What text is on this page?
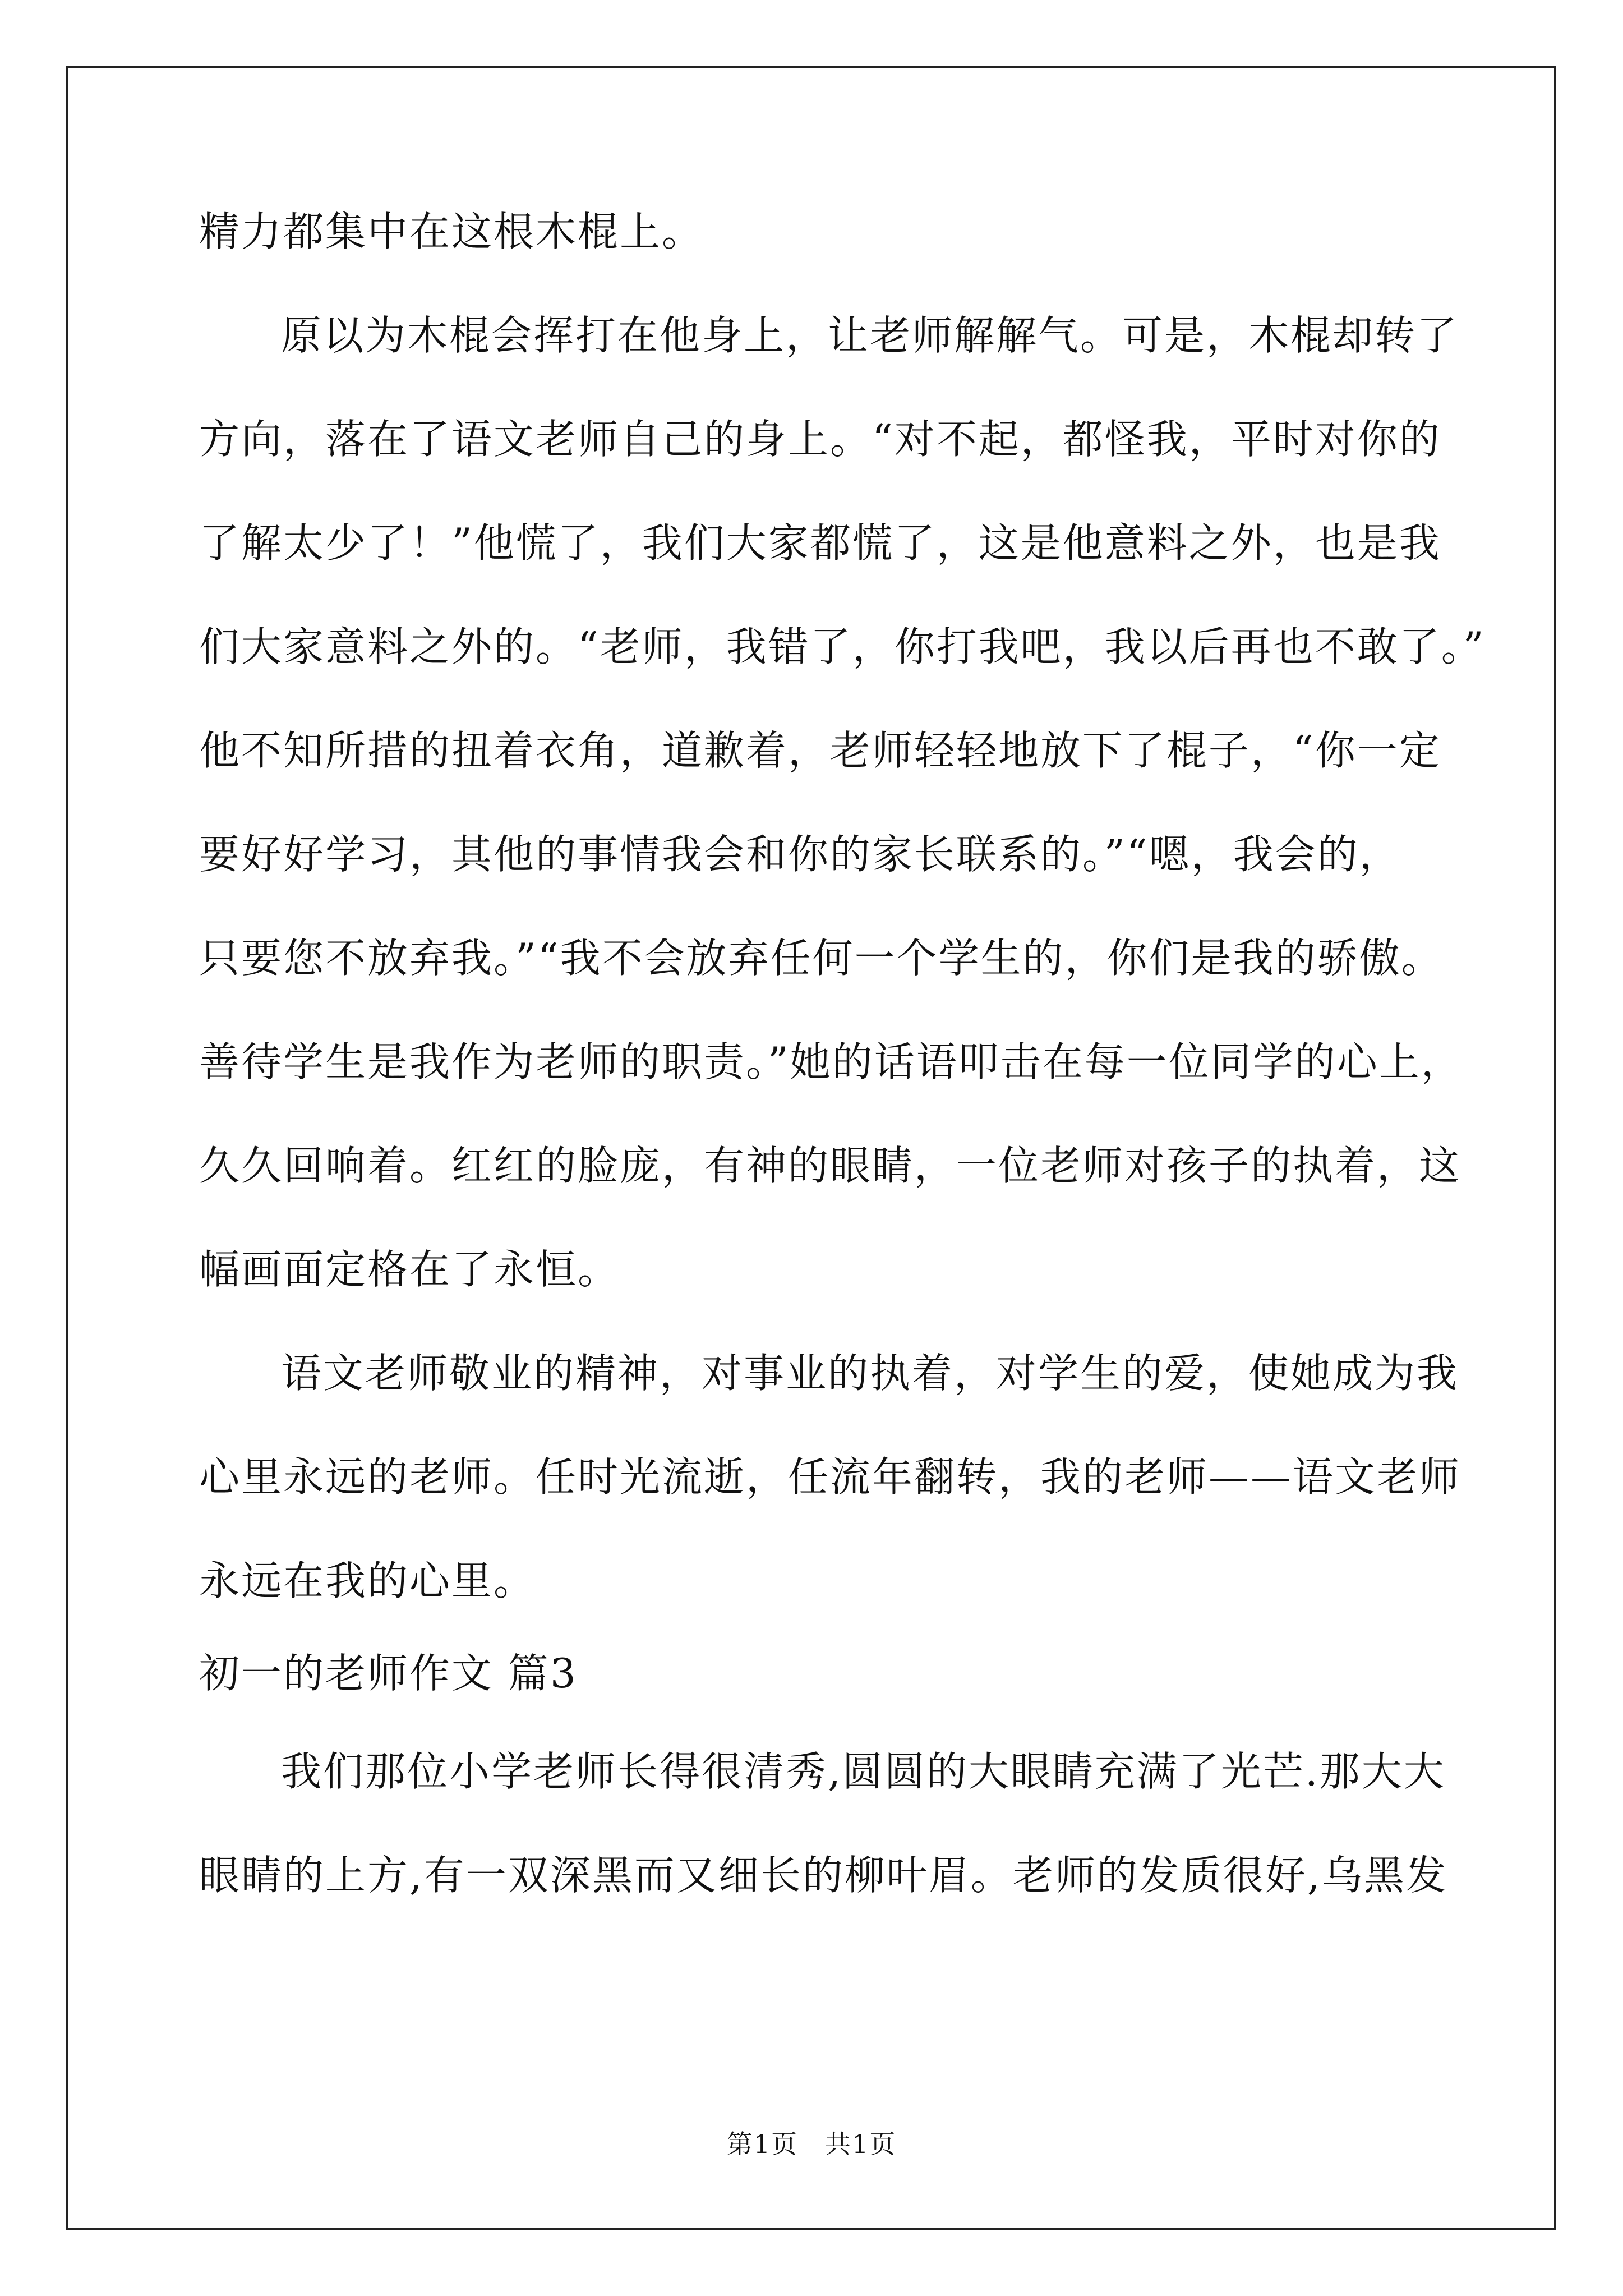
精力都集中在这根木棍上。
原以为木棍会挥打在他身上，让老师解解气。可是，木棍却转了
方向，落在了语文老师自己的身上。“对不起，都怪我，平时对你的
了解太少了！”他慌了，我们大家都慌了，这是他意料之外，也是我
们大家意料之外的。“老师，我错了，你打我吧，我以后再也不敢了。”
他不知所措的扭着衣角，道歉着，老师轻轻地放下了棍子，“你一定
要好好学习，其他的事情我会和你的家长联系的。”“嗯，我会的，
只要您不放弃我。”“我不会放弃任何一个学生的，你们是我的骄傲。
善待学生是我作为老师的职责。”她的话语叩击在每一位同学的心上，
久久回响着。红红的脸庞，有神的眼睛，一位老师对孩子的执着，这
幅画面定格在了永恒。
语文老师敬业的精神，对事业的执着，对学生的爱，使她成为我
心里永远的老师。任时光流逝，任流年翻转，我的老师——语文老师
永远在我的心里。
初一的老师作文 篇3
我们那位小学老师长得很清秀,圆圆的大眼睛充满了光芒.那大大
眼睛的上方,有一双深黑而又细长的柳叶眉。老师的发质很好,乌黑发
第1页　共1页
